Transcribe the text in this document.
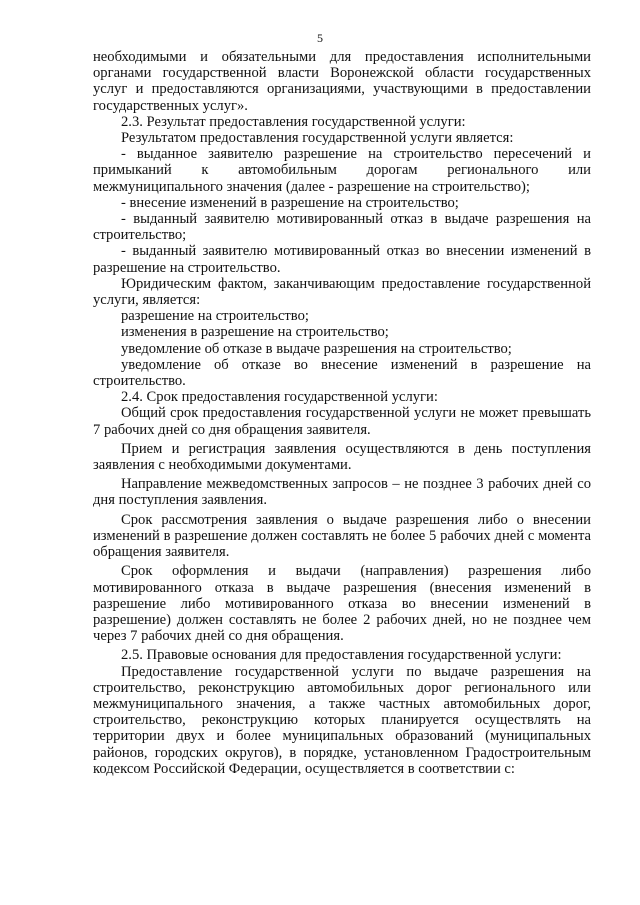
5

необходимыми и обязательными для предоставления исполнительными органами государственной власти Воронежской области государственных услуг и предоставляются организациями, участвующими в предоставлении государственных услуг».

2.3. Результат предоставления государственной услуги:

Результатом предоставления государственной услуги является:

- выданное заявителю разрешение на строительство пересечений и примыканий к автомобильным дорогам регионального или межмуниципального значения (далее - разрешение на строительство);

- внесение изменений в разрешение на строительство;

- выданный заявителю мотивированный отказ в выдаче разрешения на строительство;

- выданный заявителю мотивированный отказ во внесении изменений в разрешение на строительство.

Юридическим фактом, заканчивающим предоставление государственной услуги, является:

разрешение на строительство;

изменения в разрешение на строительство;

уведомление об отказе в выдаче разрешения на строительство;

уведомление об отказе во внесение изменений в разрешение на строительство.

2.4. Срок предоставления государственной услуги:

Общий срок предоставления государственной услуги не может превышать 7 рабочих дней со дня обращения заявителя.

Прием и регистрация заявления осуществляются в день поступления заявления с необходимыми документами.

Направление межведомственных запросов – не позднее 3 рабочих дней со дня поступления заявления.

Срок рассмотрения заявления о выдаче разрешения либо о внесении изменений в разрешение должен составлять не более 5 рабочих дней с момента обращения заявителя.

Срок оформления и выдачи (направления) разрешения либо мотивированного отказа в выдаче разрешения (внесения изменений в разрешение либо мотивированного отказа во внесении изменений в разрешение) должен составлять не более 2 рабочих дней, но не позднее чем через 7 рабочих дней со дня обращения.

2.5. Правовые основания для предоставления государственной услуги:

Предоставление государственной услуги по выдаче разрешения на строительство, реконструкцию автомобильных дорог регионального или межмуниципального значения, а также частных автомобильных дорог, строительство, реконструкцию которых планируется осуществлять на территории двух и более муниципальных образований (муниципальных районов, городских округов), в порядке, установленном Градостроительным кодексом Российской Федерации, осуществляется в соответствии с:
